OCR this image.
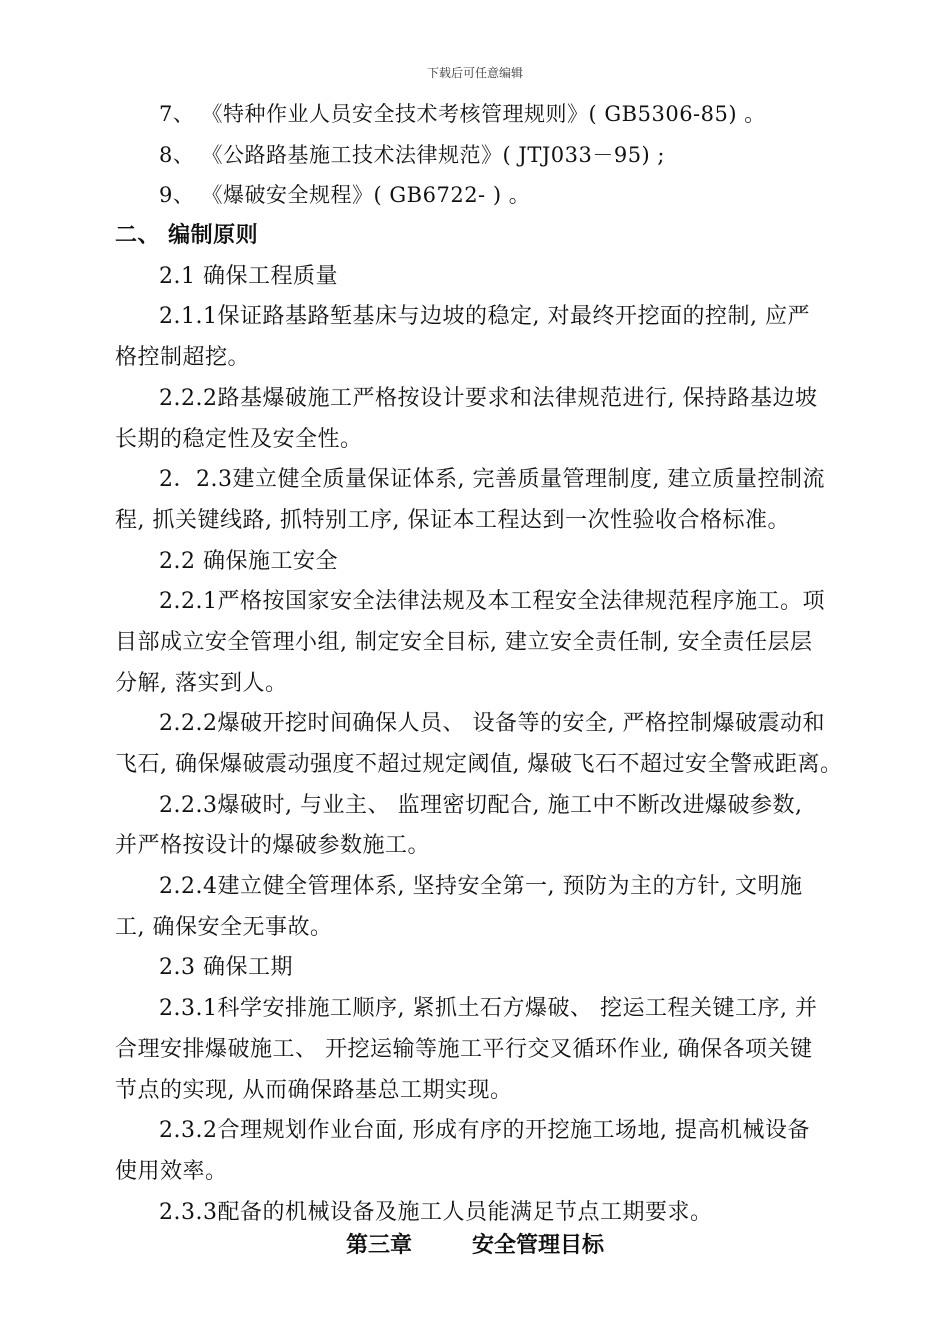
下载后可任意编辑
7、 《特种作业人员安全技术考核管理规则》( GB5306-85) 。
8、 《公路路基施工技术法律规范》( JTJ033－95) ;
9、 《爆破安全规程》( GB6722- ) 。
二、 编制原则
2.1 确保工程质量
2.1.1保证路基路堑基床与边坡的稳定, 对最终开挖面的控制, 应严
格控制超挖。
2.2.2路基爆破施工严格按设计要求和法律规范进行, 保持路基边坡
长期的稳定性及安全性。
2．2.3建立健全质量保证体系, 完善质量管理制度, 建立质量控制流
程, 抓关键线路, 抓特别工序, 保证本工程达到一次性验收合格标准。
2.2 确保施工安全
2.2.1严格按国家安全法律法规及本工程安全法律规范程序施工。项
目部成立安全管理小组, 制定安全目标, 建立安全责任制, 安全责任层层
分解, 落实到人。
2.2.2爆破开挖时间确保人员、 设备等的安全, 严格控制爆破震动和
飞石, 确保爆破震动强度不超过规定阈值, 爆破飞石不超过安全警戒距离。
2.2.3爆破时, 与业主、 监理密切配合, 施工中不断改进爆破参数,
并严格按设计的爆破参数施工。
2.2.4建立健全管理体系, 坚持安全第一, 预防为主的方针, 文明施
工, 确保安全无事故。
2.3 确保工期
2.3.1科学安排施工顺序, 紧抓土石方爆破、 挖运工程关键工序, 并
合理安排爆破施工、 开挖运输等施工平行交叉循环作业, 确保各项关键
节点的实现, 从而确保路基总工期实现。
2.3.2合理规划作业台面, 形成有序的开挖施工场地, 提高机械设备
使用效率。
2.3.3配备的机械设备及施工人员能满足节点工期要求。
第三章	安全管理目标
